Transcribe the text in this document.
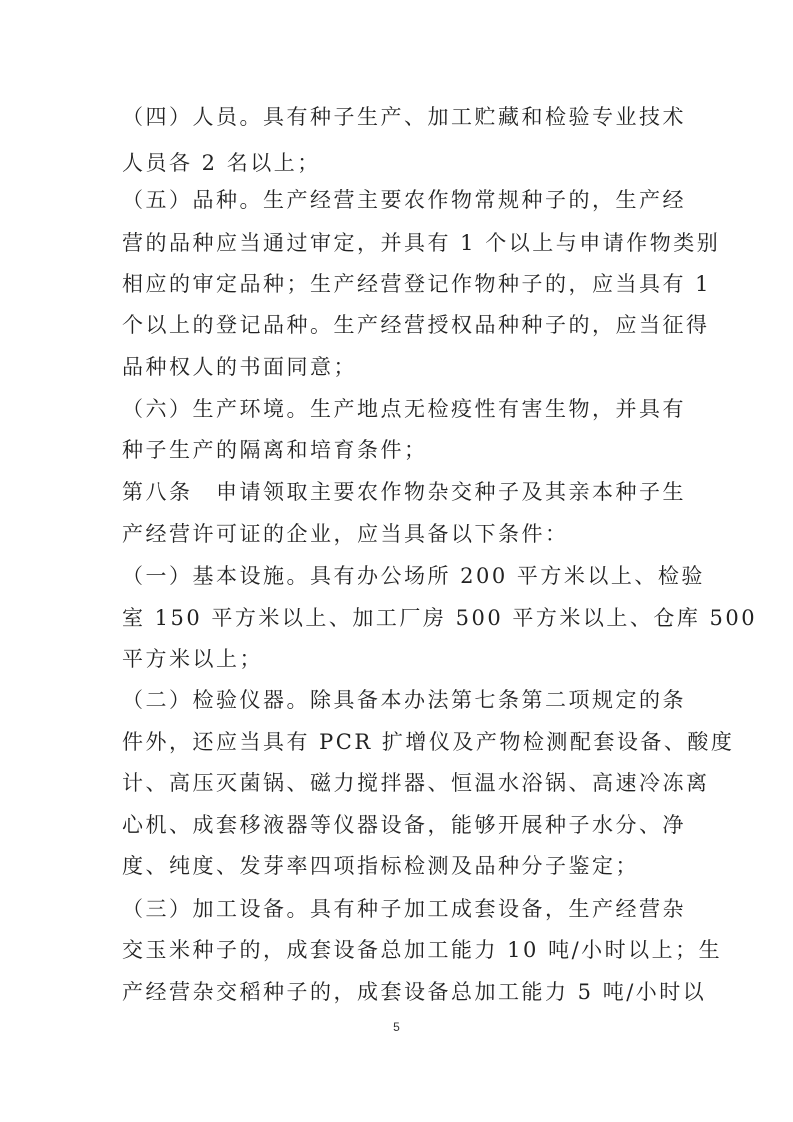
（四）人员。具有种子生产、加工贮藏和检验专业技术
人员各 2 名以上；
（五）品种。生产经营主要农作物常规种子的，生产经
营的品种应当通过审定，并具有 1 个以上与申请作物类别
相应的审定品种；生产经营登记作物种子的，应当具有 1
个以上的登记品种。生产经营授权品种种子的，应当征得
品种权人的书面同意；
（六）生产环境。生产地点无检疫性有害生物，并具有
种子生产的隔离和培育条件；
第八条　申请领取主要农作物杂交种子及其亲本种子生
产经营许可证的企业，应当具备以下条件：
（一）基本设施。具有办公场所 200 平方米以上、检验
室 150 平方米以上、加工厂房 500 平方米以上、仓库 500
平方米以上；
（二）检验仪器。除具备本办法第七条第二项规定的条
件外，还应当具有 PCR 扩增仪及产物检测配套设备、酸度
计、高压灭菌锅、磁力搅拌器、恒温水浴锅、高速冷冻离
心机、成套移液器等仪器设备，能够开展种子水分、净
度、纯度、发芽率四项指标检测及品种分子鉴定；
（三）加工设备。具有种子加工成套设备，生产经营杂
交玉米种子的，成套设备总加工能力 10 吨/小时以上；生
产经营杂交稻种子的，成套设备总加工能力 5 吨/小时以
5
